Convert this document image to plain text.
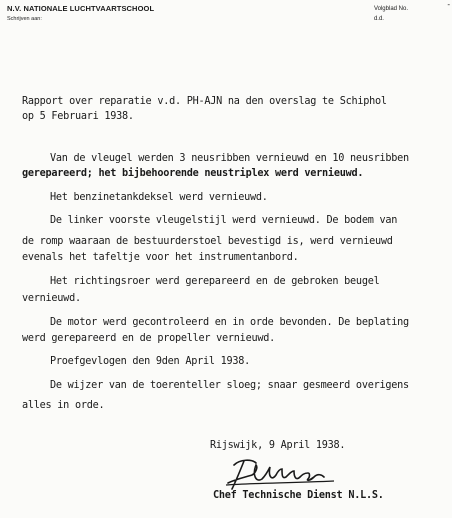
-
N.V. NATIONALE LUCHTVAARTSCHOOL
Schrijven aan:
Volgblad No.
d.d.
Rapport over reparatie v.d. PH-AJN na den overslag te Schiphol
op 5 Februari 1938.
Van de vleugel werden 3 neusribben vernieuwd en 10 neusribben
gerepareerd; het bijbehoorende neustriplex werd vernieuwd.
Het benzinetankdeksel werd vernieuwd.
De linker voorste vleugelstijl werd vernieuwd. De bodem van
de romp waaraan de bestuurderstoel bevestigd is, werd vernieuwd
evenals het tafeltje voor het instrumentanbord.
Het richtingsroer werd gerepareerd en de gebroken beugel
vernieuwd.
De motor werd gecontroleerd en in orde bevonden. De beplating
werd gerepareerd en de propeller vernieuwd.
Proefgevlogen den 9den April 1938.
De wijzer van de toerenteller sloeg; snaar gesmeerd overigens
alles in orde.
Rijswijk, 9 April 1938.
Chef Technische Dienst N.L.S.
